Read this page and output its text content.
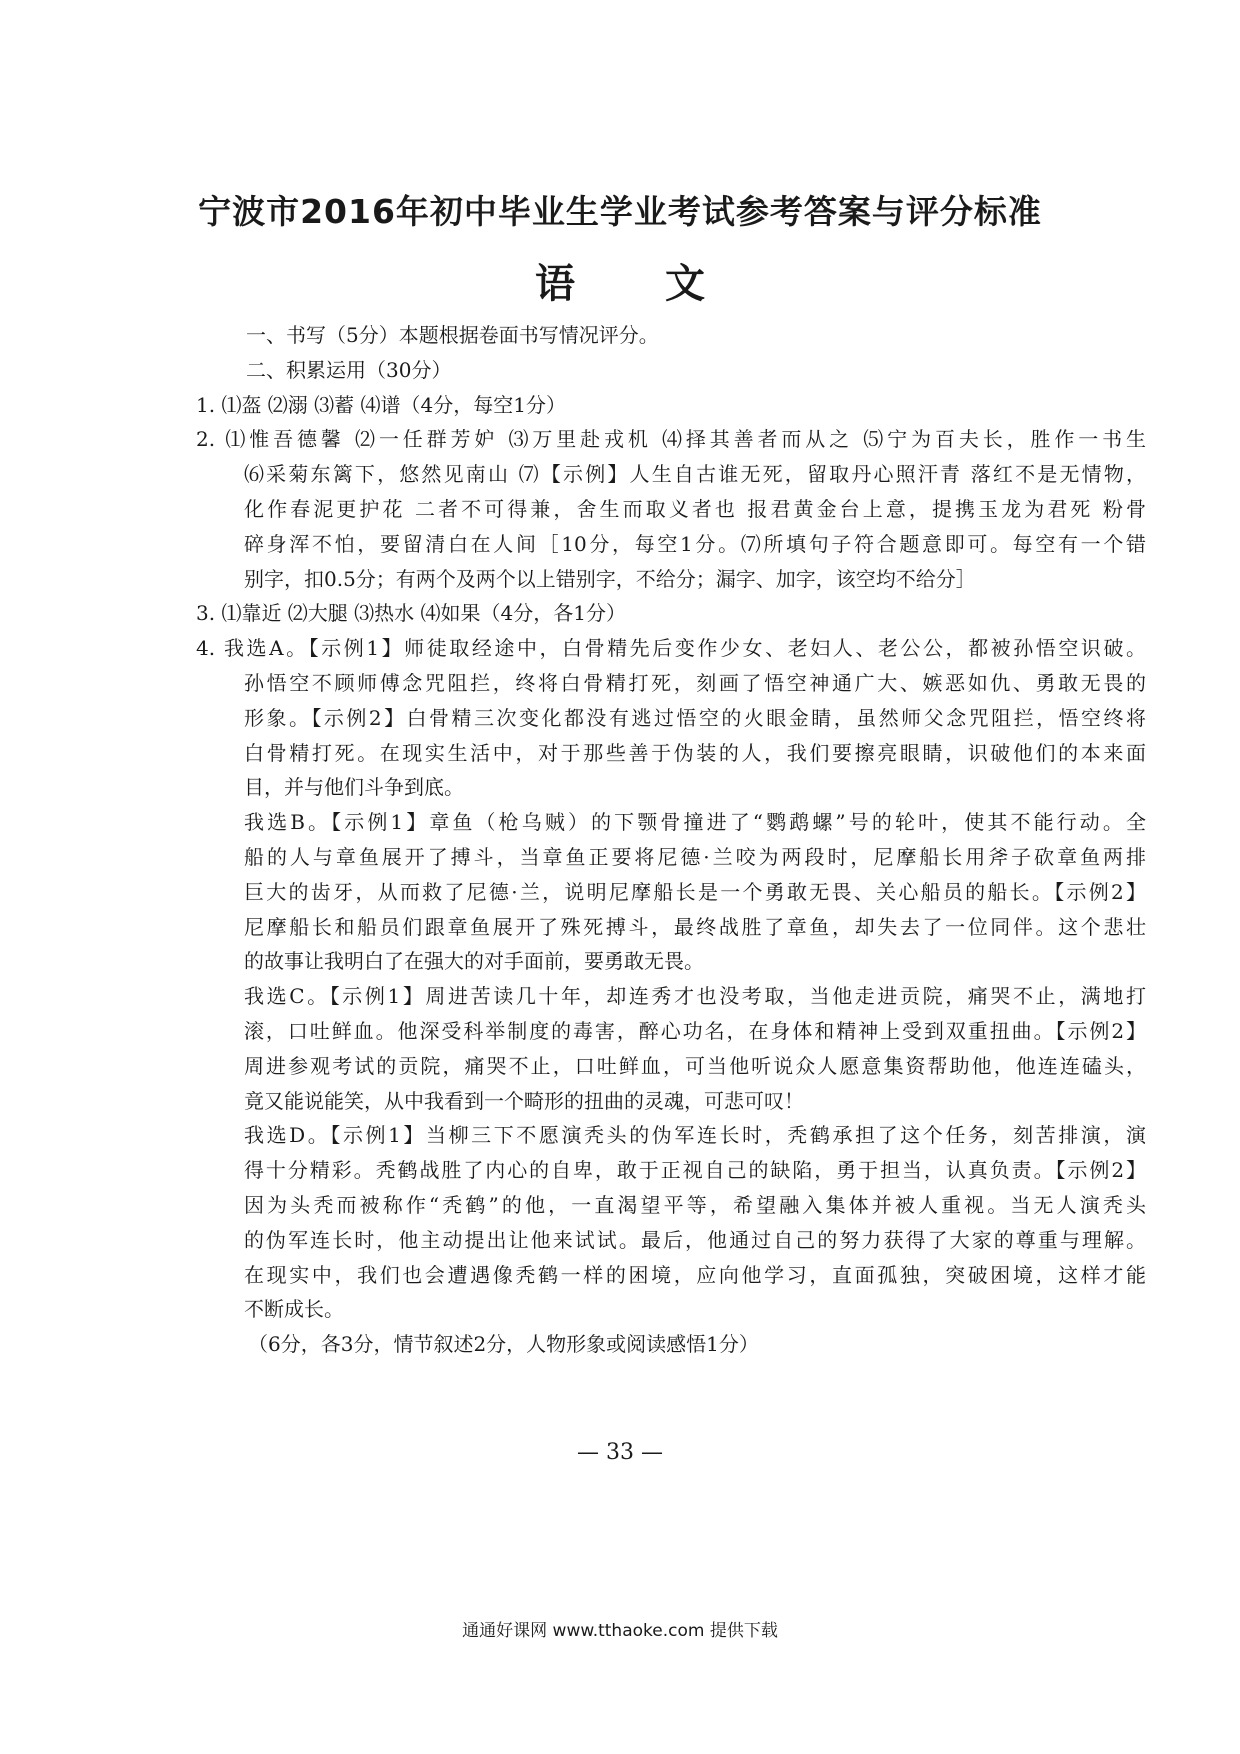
宁波市2016年初中毕业生学业考试参考答案与评分标准
语文
一、书写（5分）本题根据卷面书写情况评分。
二、积累运用（30分）
1. ⑴盔 ⑵溺 ⑶蓄 ⑷谱（4分，每空1分）
2. ⑴惟吾德馨 ⑵一任群芳妒 ⑶万里赴戎机 ⑷择其善者而从之 ⑸宁为百夫长，胜作一书生
⑹采菊东篱下，悠然见南山 ⑺【示例】人生自古谁无死，留取丹心照汗青 落红不是无情物，
化作春泥更护花 二者不可得兼，舍生而取义者也 报君黄金台上意，提携玉龙为君死 粉骨
碎身浑不怕，要留清白在人间［10分，每空1分。⑺所填句子符合题意即可。每空有一个错
别字，扣0.5分；有两个及两个以上错别字，不给分；漏字、加字，该空均不给分］
3. ⑴靠近 ⑵大腿 ⑶热水 ⑷如果（4分，各1分）
4. 我选A。【示例1】师徒取经途中，白骨精先后变作少女、老妇人、老公公，都被孙悟空识破。
孙悟空不顾师傅念咒阻拦，终将白骨精打死，刻画了悟空神通广大、嫉恶如仇、勇敢无畏的
形象。【示例2】白骨精三次变化都没有逃过悟空的火眼金睛，虽然师父念咒阻拦，悟空终将
白骨精打死。在现实生活中，对于那些善于伪装的人，我们要擦亮眼睛，识破他们的本来面
目，并与他们斗争到底。
我选B。【示例1】章鱼（枪乌贼）的下颚骨撞进了“鹦鹉螺”号的轮叶，使其不能行动。全
船的人与章鱼展开了搏斗，当章鱼正要将尼德·兰咬为两段时，尼摩船长用斧子砍章鱼两排
巨大的齿牙，从而救了尼德·兰，说明尼摩船长是一个勇敢无畏、关心船员的船长。【示例2】
尼摩船长和船员们跟章鱼展开了殊死搏斗，最终战胜了章鱼，却失去了一位同伴。这个悲壮
的故事让我明白了在强大的对手面前，要勇敢无畏。
我选C。【示例1】周进苦读几十年，却连秀才也没考取，当他走进贡院，痛哭不止，满地打
滚，口吐鲜血。他深受科举制度的毒害，醉心功名，在身体和精神上受到双重扭曲。【示例2】
周进参观考试的贡院，痛哭不止，口吐鲜血，可当他听说众人愿意集资帮助他，他连连磕头，
竟又能说能笑，从中我看到一个畸形的扭曲的灵魂，可悲可叹！
我选D。【示例1】当柳三下不愿演秃头的伪军连长时，秃鹤承担了这个任务，刻苦排演，演
得十分精彩。秃鹤战胜了内心的自卑，敢于正视自己的缺陷，勇于担当，认真负责。【示例2】
因为头秃而被称作“秃鹤”的他，一直渴望平等，希望融入集体并被人重视。当无人演秃头
的伪军连长时，他主动提出让他来试试。最后，他通过自己的努力获得了大家的尊重与理解。
在现实中，我们也会遭遇像秃鹤一样的困境，应向他学习，直面孤独，突破困境，这样才能
不断成长。
（6分，各3分，情节叙述2分，人物形象或阅读感悟1分）
— 33 —
通通好课网 www.tthaoke.com 提供下载
